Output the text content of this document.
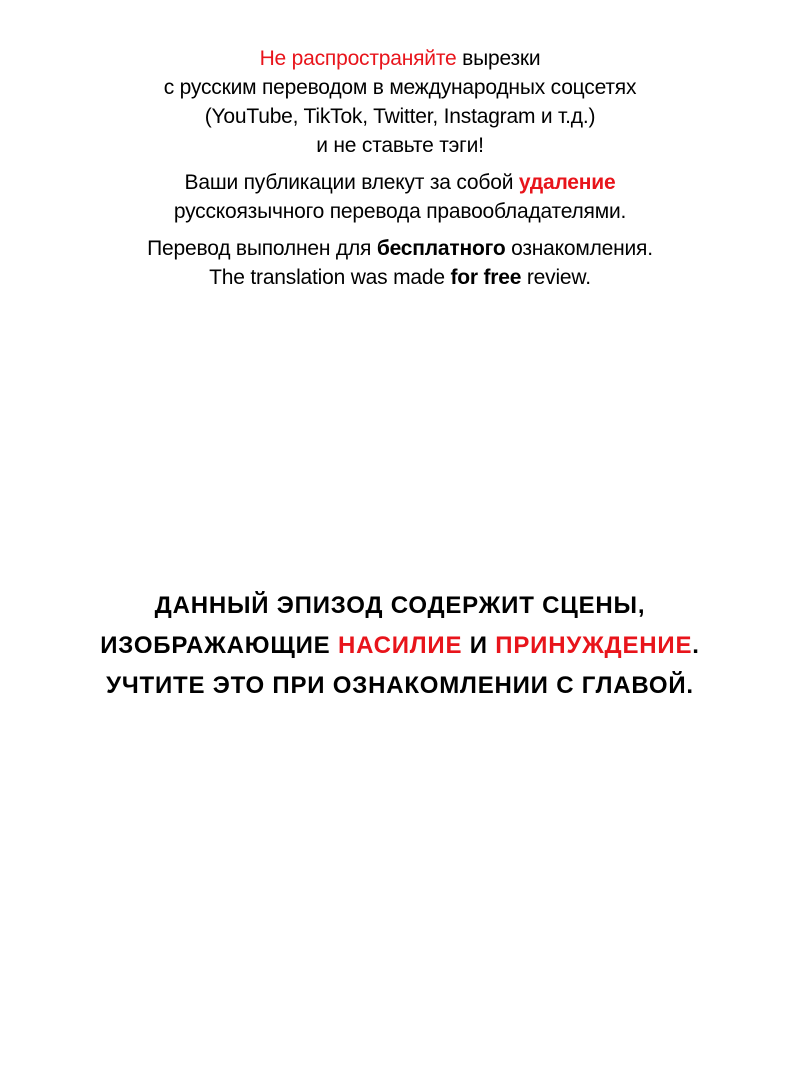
Не распространяйте вырезки
с русским переводом в международных соцсетях
(YouTube, TikTok, Twitter, Instagram и т.д.)
и не ставьте тэги!
Ваши публикации влекут за собой удаление
русскоязычного перевода правообладателями.
Перевод выполнен для бесплатного ознакомления.
The translation was made for free review.
ДАННЫЙ ЭПИЗОД СОДЕРЖИТ СЦЕНЫ,
ИЗОБРАЖАЮЩИЕ НАСИЛИЕ И ПРИНУЖДЕНИЕ.
УЧТИТЕ ЭТО ПРИ ОЗНАКОМЛЕНИИ С ГЛАВОЙ.
